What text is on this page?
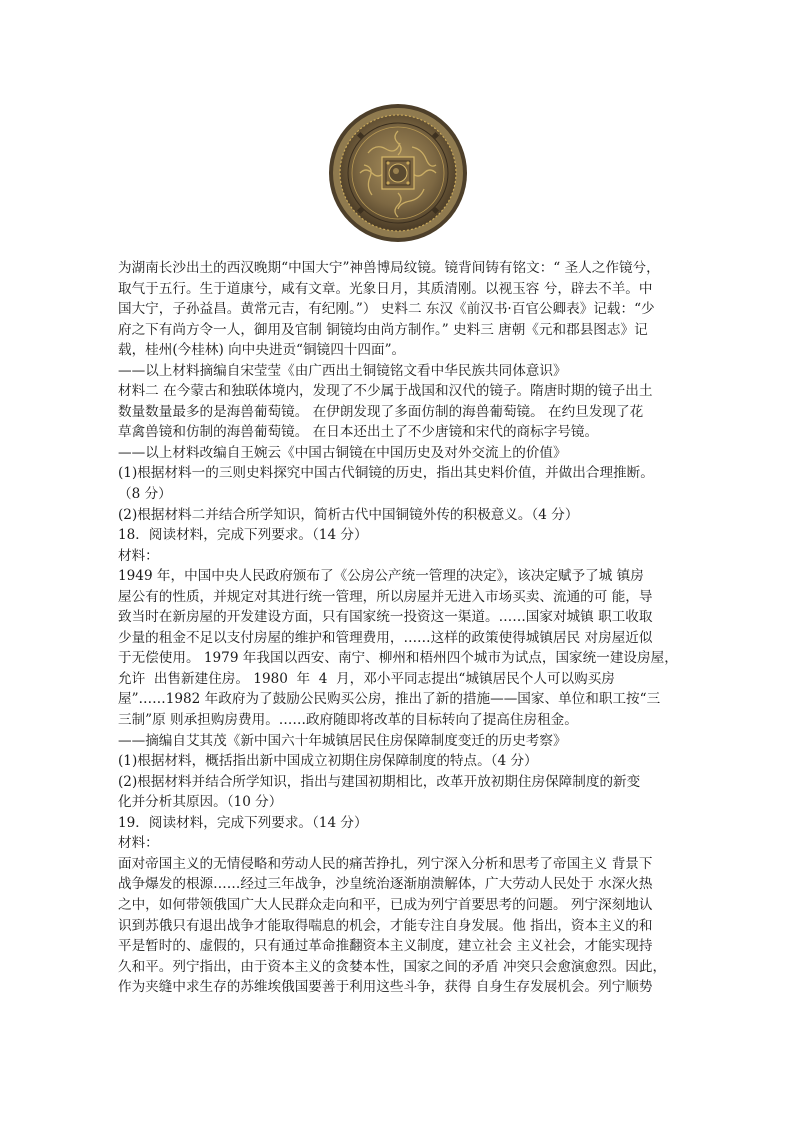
为湖南长沙出土的西汉晚期“中国大宁”神兽博局纹镜。镜背间铸有铭文：“ 圣人之作镜兮，

取气于五行。生于道康兮，咸有文章。光象日月，其质清刚。以视玉容 兮，辟去不羊。中

国大宁，子孙益昌。黄常元吉，有纪刚。”） 史料二 东汉《前汉书·百官公卿表》记载：“少

府之下有尚方令一人，御用及官制 铜镜均由尚方制作。” 史料三 唐朝《元和郡县图志》记

载，桂州(今桂林) 向中央进贡“铜镜四十四面”。

——以上材料摘编自宋莹莹《由广西出土铜镜铭文看中华民族共同体意识》

材料二 在今蒙古和独联体境内，发现了不少属于战国和汉代的镜子。隋唐时期的镜子出土

数量数量最多的是海兽葡萄镜。 在伊朗发现了多面仿制的海兽葡萄镜。 在约旦发现了花

草禽兽镜和仿制的海兽葡萄镜。 在日本还出土了不少唐镜和宋代的商标字号镜。

——以上材料改编自王婉云《中国古铜镜在中国历史及对外交流上的价值》

(1)根据材料一的三则史料探究中国古代铜镜的历史，指出其史料价值，并做出合理推断。

（8 分）

(2)根据材料二并结合所学知识，简析古代中国铜镜外传的积极意义。（4 分）

18．阅读材料，完成下列要求。（14 分）

材料：

1949 年，中国中央人民政府颁布了《公房公产统一管理的决定》，该决定赋予了城 镇房

屋公有的性质，并规定对其进行统一管理，所以房屋并无进入市场买卖、流通的可 能，导

致当时在新房屋的开发建设方面，只有国家统一投资这一渠道。……国家对城镇 职工收取

少量的租金不足以支付房屋的维护和管理费用，……这样的政策使得城镇居民 对房屋近似

于无偿使用。 1979 年我国以西安、南宁、柳州和梧州四个城市为试点，国家统一建设房屋，

允许  出售新建住房。 1980  年  4  月，邓小平同志提出“城镇居民个人可以购买房

屋”……1982 年政府为了鼓励公民购买公房，推出了新的措施——国家、单位和职工按“三

三制”原 则承担购房费用。……政府随即将改革的目标转向了提高住房租金。

——摘编自艾其茂《新中国六十年城镇居民住房保障制度变迁的历史考察》

(1)根据材料，概括指出新中国成立初期住房保障制度的特点。（4 分）

(2)根据材料并结合所学知识，指出与建国初期相比，改革开放初期住房保障制度的新变

化并分析其原因。（10 分）

19．阅读材料，完成下列要求。（14 分）

材料：

面对帝国主义的无情侵略和劳动人民的痛苦挣扎，列宁深入分析和思考了帝国主义 背景下

战争爆发的根源……经过三年战争，沙皇统治逐渐崩溃解体，广大劳动人民处于 水深火热

之中，如何带领俄国广大人民群众走向和平，已成为列宁首要思考的问题。 列宁深刻地认

识到苏俄只有退出战争才能取得喘息的机会，才能专注自身发展。他 指出，资本主义的和

平是暂时的、虚假的，只有通过革命推翻资本主义制度，建立社会 主义社会，才能实现持

久和平。列宁指出，由于资本主义的贪婪本性，国家之间的矛盾 冲突只会愈演愈烈。因此，

作为夹缝中求生存的苏维埃俄国要善于利用这些斗争，获得 自身生存发展机会。列宁顺势
